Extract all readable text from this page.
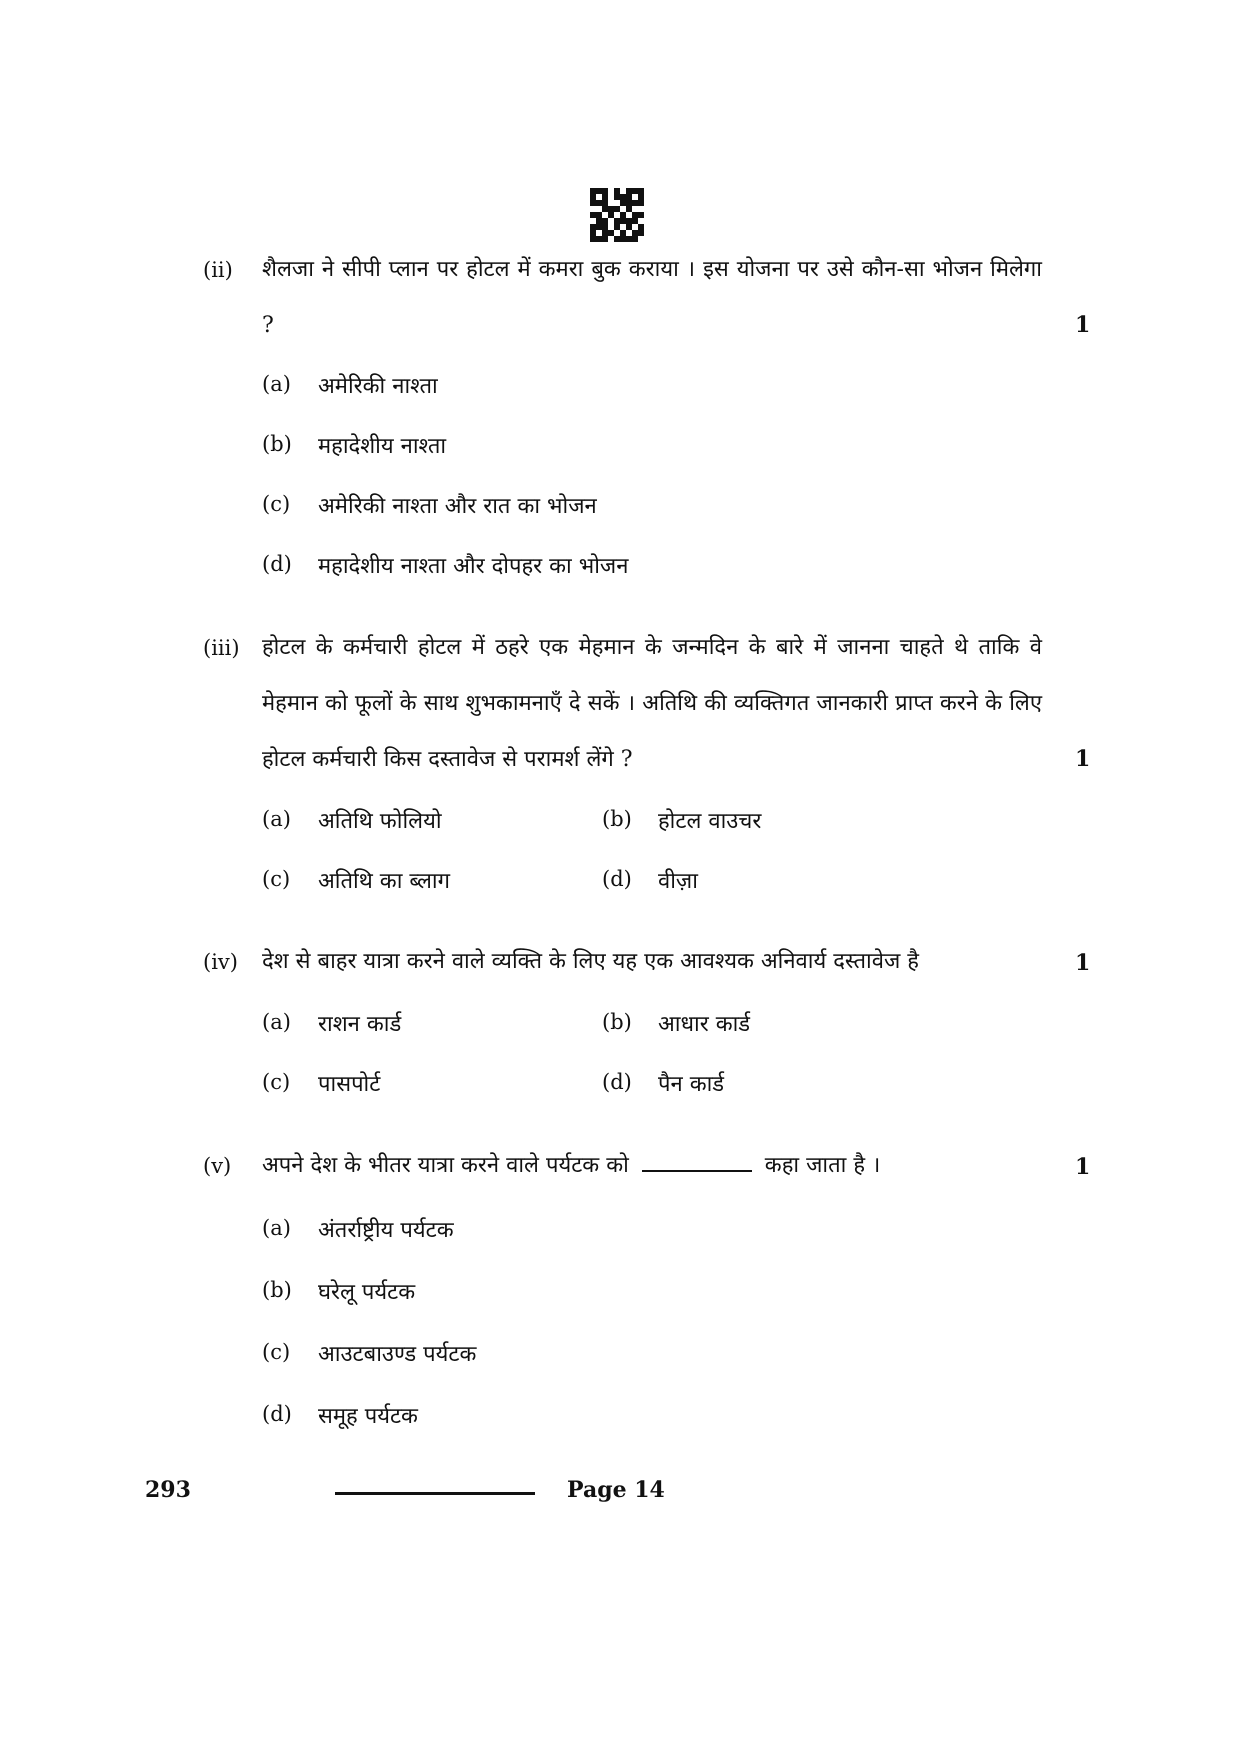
(ii) शैलजा ने सीपी प्लान पर होटल में कमरा बुक कराया । इस योजना पर उसे कौन-सा भोजन मिलेगा ?	1
(a) अमेरिकी नाश्ता
(b) महादेशीय नाश्ता
(c) अमेरिकी नाश्ता और रात का भोजन
(d) महादेशीय नाश्ता और दोपहर का भोजन
(iii) होटल के कर्मचारी होटल में ठहरे एक मेहमान के जन्मदिन के बारे में जानना चाहते थे ताकि वे मेहमान को फूलों के साथ शुभकामनाएँ दे सकें । अतिथि की व्यक्तिगत जानकारी प्राप्त करने के लिए होटल कर्मचारी किस दस्तावेज से परामर्श लेंगे ?	1
(a) अतिथि फोलियो	(b) होटल वाउचर
(c) अतिथि का ब्लाग	(d) वीज़ा
(iv) देश से बाहर यात्रा करने वाले व्यक्ति के लिए यह एक आवश्यक अनिवार्य दस्तावेज है	1
(a) राशन कार्ड	(b) आधार कार्ड
(c) पासपोर्ट	(d) पैन कार्ड
(v) अपने देश के भीतर यात्रा करने वाले पर्यटक को	कहा जाता है ।	1
(a) अंतर्राष्ट्रीय पर्यटक
(b) घरेलू पर्यटक
(c) आउटबाउण्ड पर्यटक
(d) समूह पर्यटक
293	Page 14
